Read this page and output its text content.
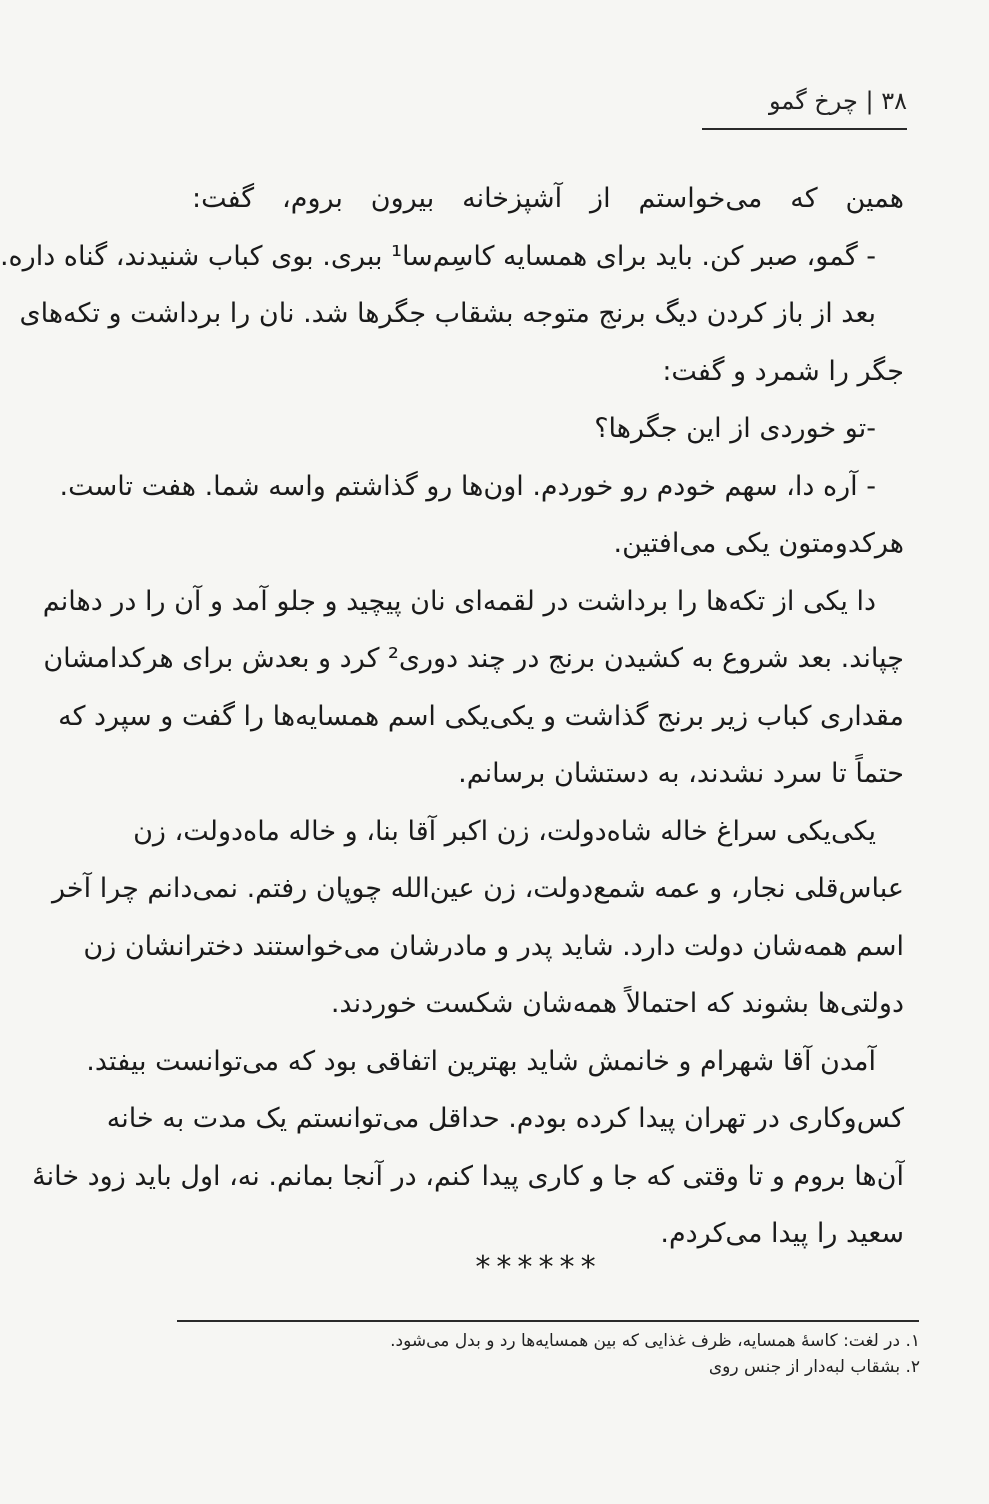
۳۸ | چرخ گمو
همین که می‌خواستم از آشپزخانه بیرون بروم، گفت:
- گمو، صبر کن. باید برای همسایه کاسِم‌سا¹ ببری. بوی کباب شنیدند، گناه داره.
بعد از باز کردن دیگ برنج متوجه بشقاب جگرها شد. نان را برداشت و تکه‌های
جگر را شمرد و گفت:
-تو خوردی از این جگرها؟
- آره دا، سهم خودم رو خوردم. اون‌ها رو گذاشتم واسه شما. هفت تاست.
هرکدومتون یکی می‌افتین.
دا یکی از تکه‌ها را برداشت در لقمه‌ای نان پیچید و جلو آمد و آن را در دهانم
چپاند. بعد شروع به کشیدن برنج در چند دوری² کرد و بعدش برای هرکدامشان
مقداری کباب زیر برنج گذاشت و یکی‌یکی اسم همسایه‌ها را گفت و سپرد که
حتماً تا سرد نشدند، به دستشان برسانم.
یکی‌یکی سراغ خاله شاه‌دولت، زن اکبر آقا بنا، و خاله ماه‌دولت، زن
عباس‌قلی نجار، و عمه شمع‌دولت، زن عین‌الله چوپان رفتم. نمی‌دانم چرا آخر
اسم همه‌شان دولت دارد. شاید پدر و مادرشان می‌خواستند دخترانشان زن
دولتی‌ها بشوند که احتمالاً همه‌شان شکست خوردند.
آمدن آقا شهرام و خانمش شاید بهترین اتفاقی بود که می‌توانست بیفتد.
کس‌وکاری در تهران پیدا کرده بودم. حداقل می‌توانستم یک مدت به خانه
آن‌ها بروم و تا وقتی که جا و کاری پیدا کنم، در آنجا بمانم. نه، اول باید زود خانهٔ
سعید را پیدا می‌کردم.
******
۱. در لغت: کاسهٔ همسایه، ظرف غذایی که بین همسایه‌ها رد و بدل می‌شود.
۲. بشقاب لبه‌دار از جنس روی
